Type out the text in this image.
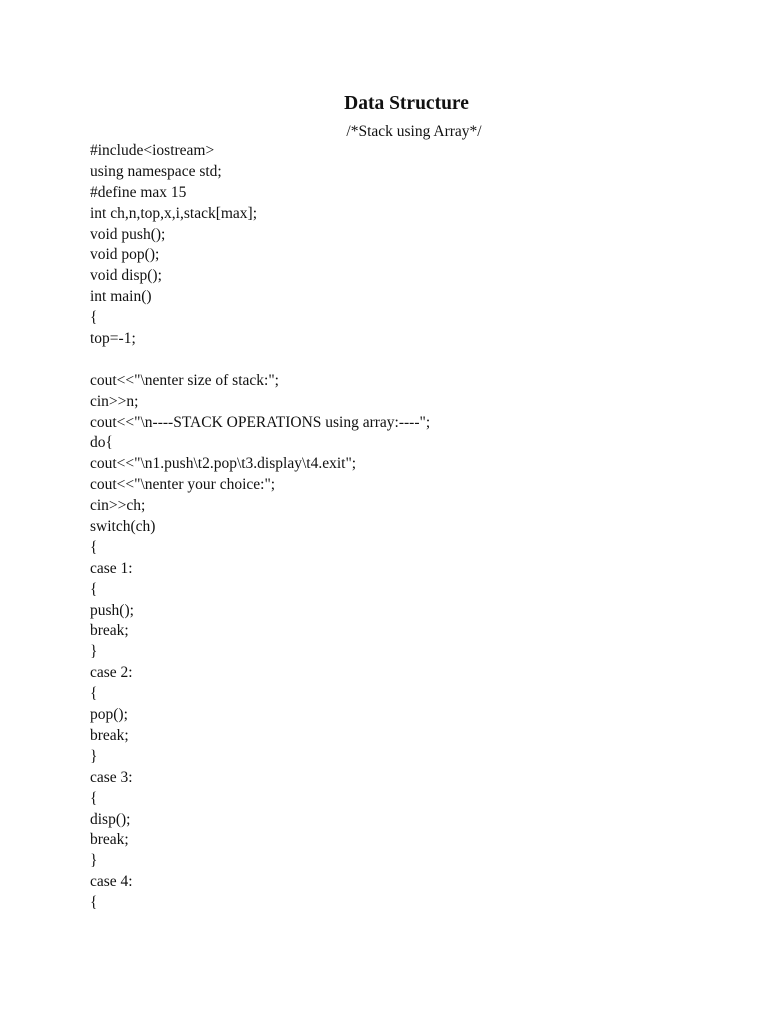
Data Structure

/*Stack using Array*/

#include<iostream>
using namespace std;
#define max 15
int ch,n,top,x,i,stack[max];
void push();
void pop();
void disp();
int main()
{
top=-1;
cout<<"\nenter size of stack:";
cin>>n;
cout<<"\n----STACK OPERATIONS using array:----";
do{
cout<<"\n1.push\t2.pop\t3.display\t4.exit";
cout<<"\nenter your choice:";
cin>>ch;
switch(ch)
{
case 1:
{
push();
break;
}
case 2:
{
pop();
break;
}
case 3:
{
disp();
break;
}
case 4:
{
